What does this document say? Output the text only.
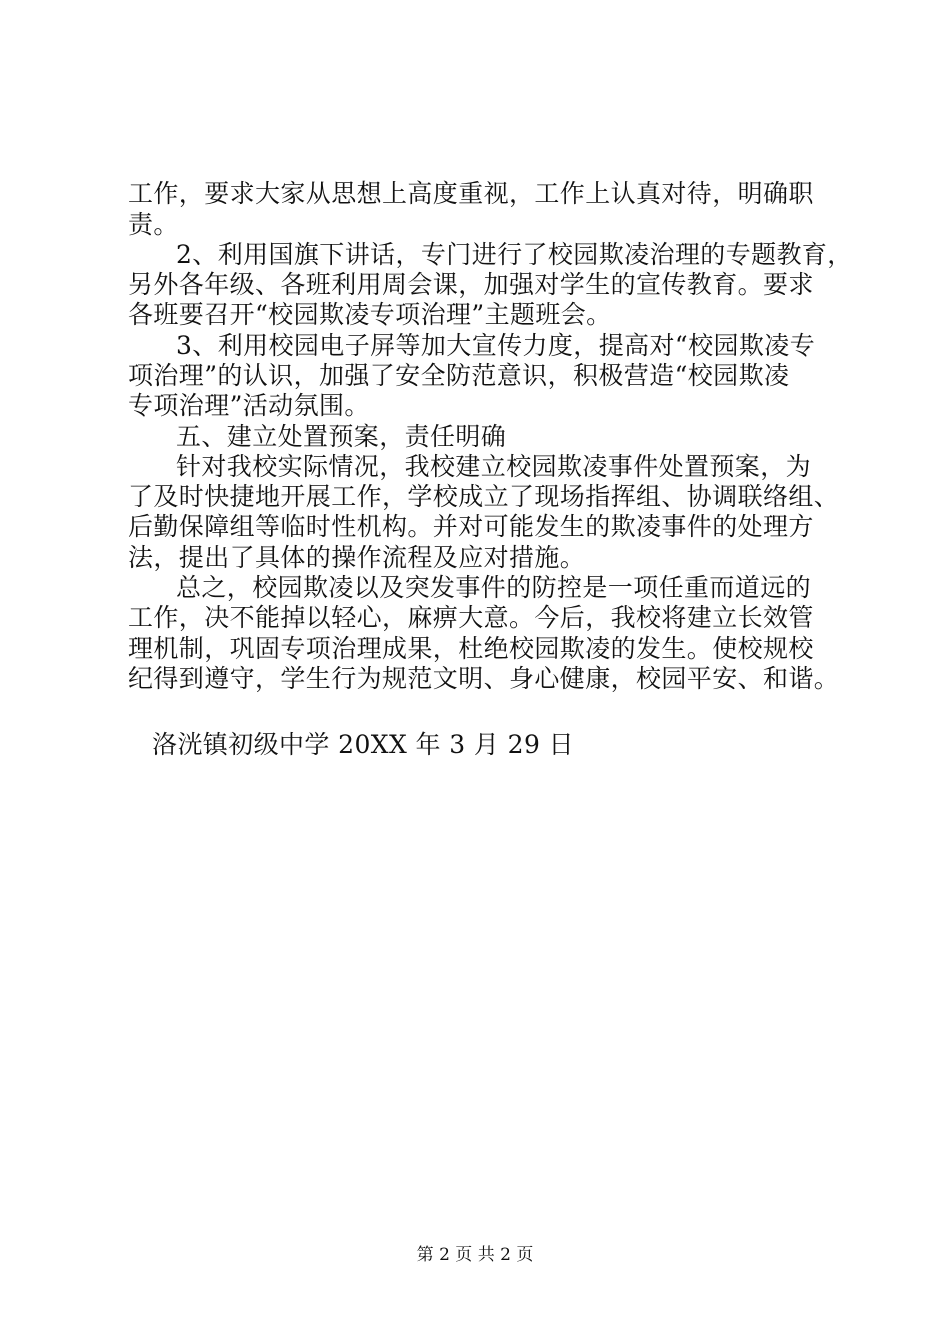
工作，要求大家从思想上高度重视，工作上认真对待，明确职
责。
2、利用国旗下讲话，专门进行了校园欺凌治理的专题教育，
另外各年级、各班利用周会课，加强对学生的宣传教育。要求
各班要召开“校园欺凌专项治理”主题班会。
3、利用校园电子屏等加大宣传力度，提高对“校园欺凌专
项治理”的认识，加强了安全防范意识，积极营造“校园欺凌
专项治理”活动氛围。
五、建立处置预案，责任明确
针对我校实际情况，我校建立校园欺凌事件处置预案，为
了及时快捷地开展工作，学校成立了现场指挥组、协调联络组、
后勤保障组等临时性机构。并对可能发生的欺凌事件的处理方
法，提出了具体的操作流程及应对措施。
总之，校园欺凌以及突发事件的防控是一项任重而道远的
工作，决不能掉以轻心，麻痹大意。今后，我校将建立长效管
理机制，巩固专项治理成果，杜绝校园欺凌的发生。使校规校
纪得到遵守，学生行为规范文明、身心健康，校园平安、和谐。
洛洸镇初级中学 20XX 年 3 月 29 日
第 2 页 共 2 页
